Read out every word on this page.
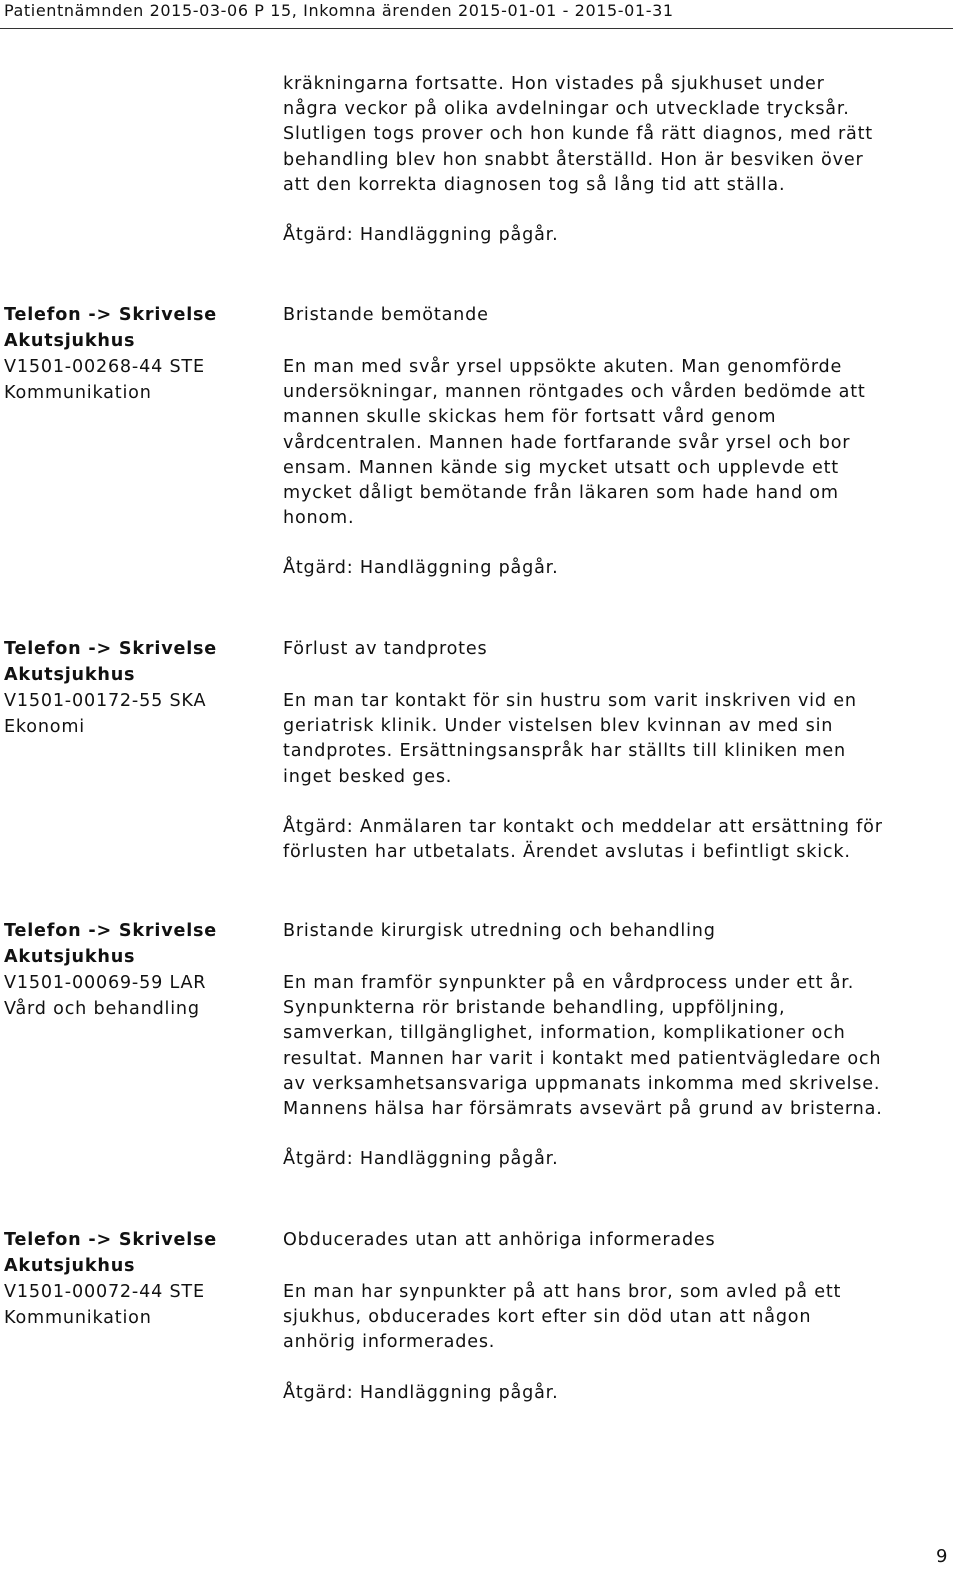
Patientnämnden 2015-03-06 P 15, Inkomna ärenden 2015-01-01 - 2015-01-31

kräkningarna fortsatte. Hon vistades på sjukhuset under
några veckor på olika avdelningar och utvecklade trycksår.
Slutligen togs prover och hon kunde få rätt diagnos, med rätt
behandling blev hon snabbt återställd. Hon är besviken över
att den korrekta diagnosen tog så lång tid att ställa.

Åtgärd: Handläggning pågår.

Telefon -> Skrivelse
Akutsjukhus
V1501-00268-44 STE
Kommunikation
Bristande bemötande

En man med svår yrsel uppsökte akuten. Man genomförde
undersökningar, mannen röntgades och vården bedömde att
mannen skulle skickas hem för fortsatt vård genom
vårdcentralen. Mannen hade fortfarande svår yrsel och bor
ensam. Mannen kände sig mycket utsatt och upplevde ett
mycket dåligt bemötande från läkaren som hade hand om
honom.

Åtgärd: Handläggning pågår.

Telefon -> Skrivelse
Akutsjukhus
V1501-00172-55 SKA
Ekonomi
Förlust av tandprotes

En man tar kontakt för sin hustru som varit inskriven vid en
geriatrisk klinik. Under vistelsen blev kvinnan av med sin
tandprotes. Ersättningsanspråk har ställts till kliniken men
inget besked ges.

Åtgärd: Anmälaren tar kontakt och meddelar att ersättning för
förlusten har utbetalats. Ärendet avslutas i befintligt skick.

Telefon -> Skrivelse
Akutsjukhus
V1501-00069-59 LAR
Vård och behandling
Bristande kirurgisk utredning och behandling

En man framför synpunkter på en vårdprocess under ett år.
Synpunkterna rör bristande behandling, uppföljning,
samverkan, tillgänglighet, information, komplikationer och
resultat. Mannen har varit i kontakt med patientvägledare och
av verksamhetsansvariga uppmanats inkomma med skrivelse.
Mannens hälsa har försämrats avsevärt på grund av bristerna.

Åtgärd: Handläggning pågår.

Telefon -> Skrivelse
Akutsjukhus
V1501-00072-44 STE
Kommunikation
Obducerades utan att anhöriga informerades

En man har synpunkter på att hans bror, som avled på ett
sjukhus, obducerades kort efter sin död utan att någon
anhörig informerades.

Åtgärd: Handläggning pågår.

9
